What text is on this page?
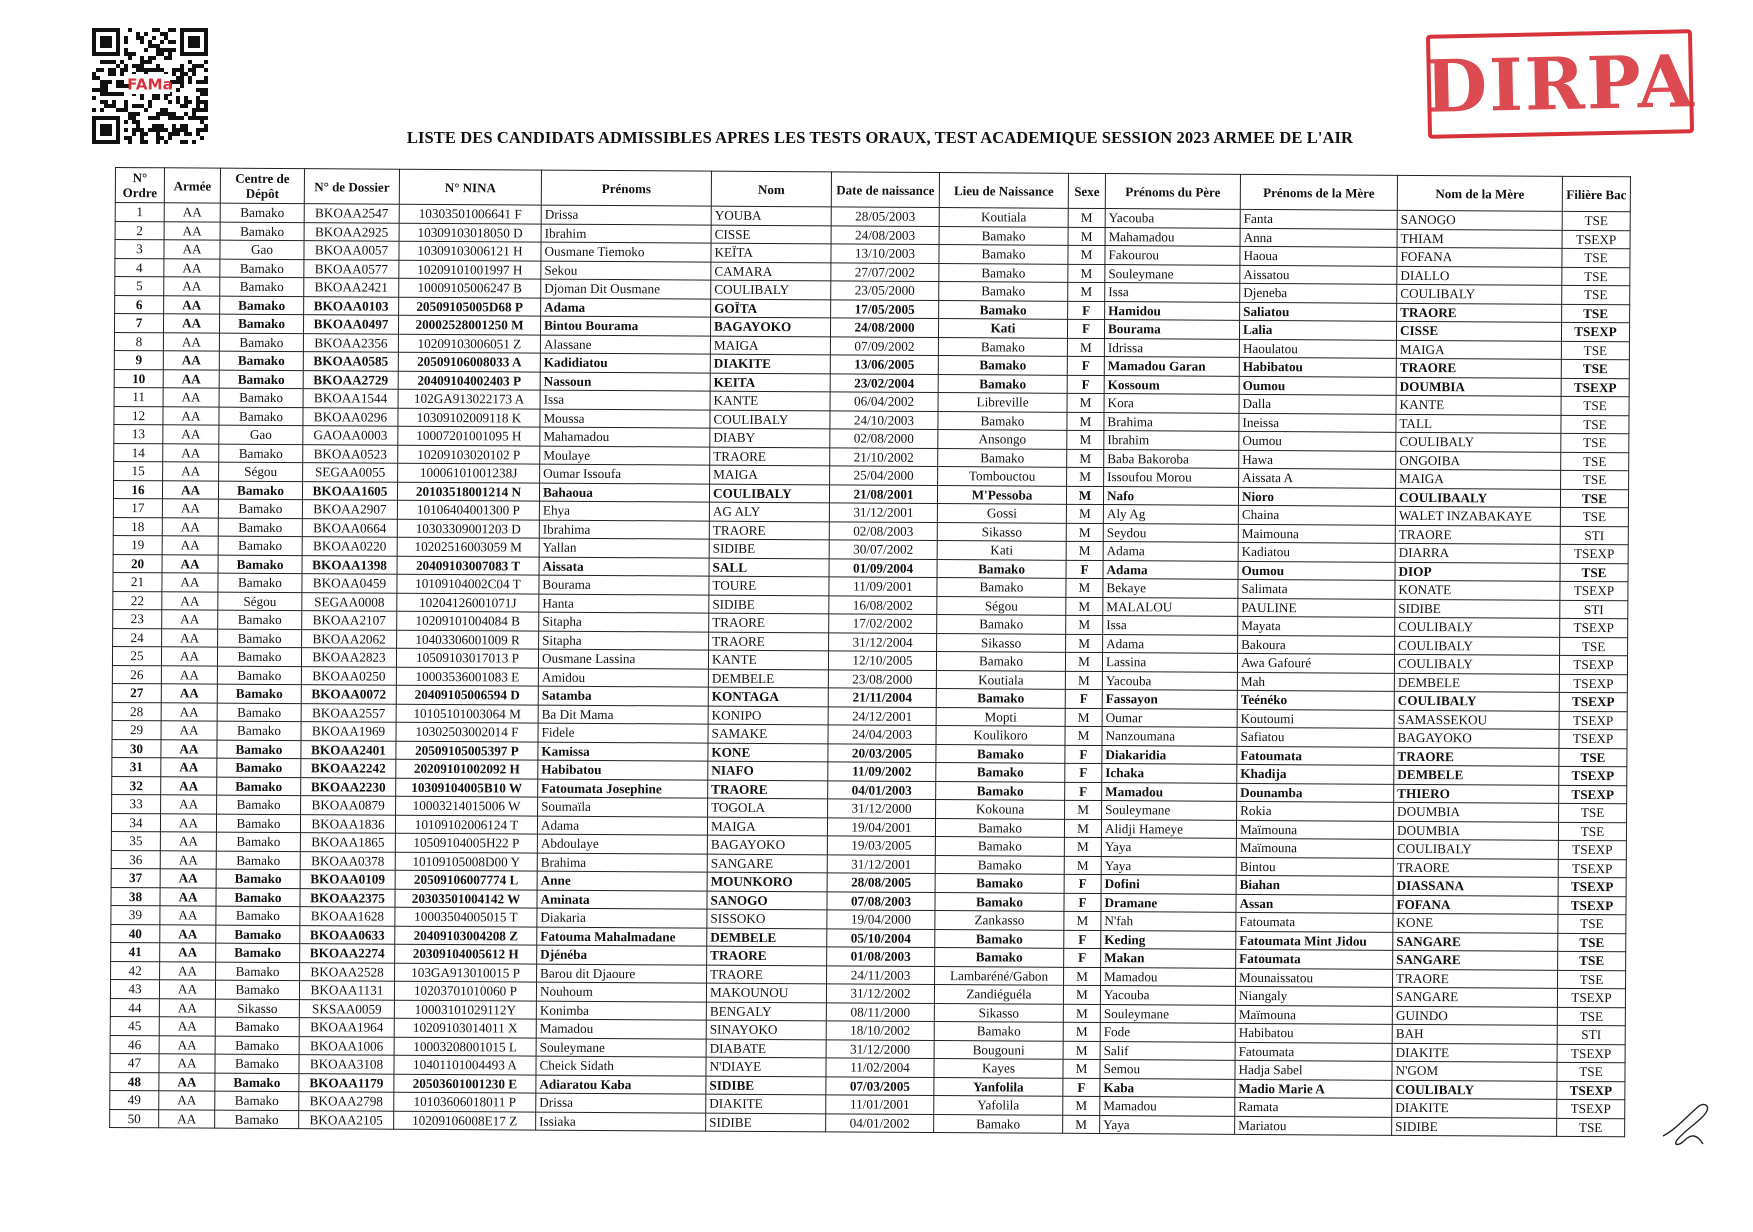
FAMa	DIRPA
LISTE DES CANDIDATS ADMISSIBLES APRES LES TESTS ORAUX, TEST ACADEMIQUE SESSION 2023 ARMEE DE L'AIR
N° Ordre	Armée	Centre de Dépôt	N° de Dossier	N° NINA	Prénoms	Nom	Date de naissance	Lieu de Naissance	Sexe	Prénoms du Père	Prénoms de la Mère	Nom de la Mère	Filière Bac
1	AA	Bamako	BKOAA2547	10303501006641 F	Drissa	YOUBA	28/05/2003	Koutiala	M	Yacouba	Fanta	SANOGO	TSE
2	AA	Bamako	BKOAA2925	10309103018050 D	Ibrahim	CISSE	24/08/2003	Bamako	M	Mahamadou	Anna	THIAM	TSEXP
3	AA	Gao	BKOAA0057	10309103006121 H	Ousmane Tiemoko	KEÏTA	13/10/2003	Bamako	M	Fakourou	Haoua	FOFANA	TSE
4	AA	Bamako	BKOAA0577	10209101001997 H	Sekou	CAMARA	27/07/2002	Bamako	M	Souleymane	Aissatou	DIALLO	TSE
5	AA	Bamako	BKOAA2421	10009105006247 B	Djoman Dit Ousmane	COULIBALY	23/05/2000	Bamako	M	Issa	Djeneba	COULIBALY	TSE
6	AA	Bamako	BKOAA0103	20509105005D68 P	Adama	GOÏTA	17/05/2005	Bamako	F	Hamidou	Saliatou	TRAORE	TSE
7	AA	Bamako	BKOAA0497	20002528001250 M	Bintou Bourama	BAGAYOKO	24/08/2000	Kati	F	Bourama	Lalia	CISSE	TSEXP
8	AA	Bamako	BKOAA2356	10209103006051 Z	Alassane	MAIGA	07/09/2002	Bamako	M	Idrissa	Haoulatou	MAIGA	TSE
9	AA	Bamako	BKOAA0585	20509106008033 A	Kadidiatou	DIAKITE	13/06/2005	Bamako	F	Mamadou Garan	Habibatou	TRAORE	TSE
10	AA	Bamako	BKOAA2729	20409104002403 P	Nassoun	KEITA	23/02/2004	Bamako	F	Kossoum	Oumou	DOUMBIA	TSEXP
11	AA	Bamako	BKOAA1544	102GA913022173 A	Issa	KANTE	06/04/2002	Libreville	M	Kora	Dalla	KANTE	TSE
12	AA	Bamako	BKOAA0296	10309102009118 K	Moussa	COULIBALY	24/10/2003	Bamako	M	Brahima	Ineissa	TALL	TSE
13	AA	Gao	GAOAA0003	10007201001095 H	Mahamadou	DIABY	02/08/2000	Ansongo	M	Ibrahim	Oumou	COULIBALY	TSE
14	AA	Bamako	BKOAA0523	10209103020102 P	Moulaye	TRAORE	21/10/2002	Bamako	M	Baba Bakoroba	Hawa	ONGOIBA	TSE
15	AA	Ségou	SEGAA0055	10006101001238J	Oumar Issoufa	MAIGA	25/04/2000	Tombouctou	M	Issoufou Morou	Aissata A	MAIGA	TSE
16	AA	Bamako	BKOAA1605	20103518001214 N	Bahaoua	COULIBALY	21/08/2001	M'Pessoba	M	Nafo	Nioro	COULIBAALY	TSE
17	AA	Bamako	BKOAA2907	10106404001300 P	Ehya	AG ALY	31/12/2001	Gossi	M	Aly Ag	Chaina	WALET INZABAKAYE	TSE
18	AA	Bamako	BKOAA0664	10303309001203 D	Ibrahima	TRAORE	02/08/2003	Sikasso	M	Seydou	Maimouna	TRAORE	STI
19	AA	Bamako	BKOAA0220	10202516003059 M	Yallan	SIDIBE	30/07/2002	Kati	M	Adama	Kadiatou	DIARRA	TSEXP
20	AA	Bamako	BKOAA1398	20409103007083 T	Aissata	SALL	01/09/2004	Bamako	F	Adama	Oumou	DIOP	TSE
21	AA	Bamako	BKOAA0459	10109104002C04 T	Bourama	TOURE	11/09/2001	Bamako	M	Bekaye	Salimata	KONATE	TSEXP
22	AA	Ségou	SEGAA0008	10204126001071J	Hanta	SIDIBE	16/08/2002	Ségou	M	MALALOU	PAULINE	SIDIBE	STI
23	AA	Bamako	BKOAA2107	10209101004084 B	Sitapha	TRAORE	17/02/2002	Bamako	M	Issa	Mayata	COULIBALY	TSEXP
24	AA	Bamako	BKOAA2062	10403306001009 R	Sitapha	TRAORE	31/12/2004	Sikasso	M	Adama	Bakoura	COULIBALY	TSE
25	AA	Bamako	BKOAA2823	10509103017013 P	Ousmane Lassina	KANTE	12/10/2005	Bamako	M	Lassina	Awa Gafouré	COULIBALY	TSEXP
26	AA	Bamako	BKOAA0250	10003536001083 E	Amidou	DEMBELE	23/08/2000	Koutiala	M	Yacouba	Mah	DEMBELE	TSEXP
27	AA	Bamako	BKOAA0072	20409105006594 D	Satamba	KONTAGA	21/11/2004	Bamako	F	Fassayon	Teénéko	COULIBALY	TSEXP
28	AA	Bamako	BKOAA2557	10105101003064 M	Ba Dit Mama	KONIPO	24/12/2001	Mopti	M	Oumar	Koutoumi	SAMASSEKOU	TSEXP
29	AA	Bamako	BKOAA1969	10302503002014 F	Fidele	SAMAKE	24/04/2003	Koulikoro	M	Nanzoumana	Safiatou	BAGAYOKO	TSEXP
30	AA	Bamako	BKOAA2401	20509105005397 P	Kamissa	KONE	20/03/2005	Bamako	F	Diakaridia	Fatoumata	TRAORE	TSE
31	AA	Bamako	BKOAA2242	20209101002092 H	Habibatou	NIAFO	11/09/2002	Bamako	F	Ichaka	Khadija	DEMBELE	TSEXP
32	AA	Bamako	BKOAA2230	10309104005B10 W	Fatoumata Josephine	TRAORE	04/01/2003	Bamako	F	Mamadou	Dounamba	THIERO	TSEXP
33	AA	Bamako	BKOAA0879	10003214015006 W	Soumaïla	TOGOLA	31/12/2000	Kokouna	M	Souleymane	Rokia	DOUMBIA	TSE
34	AA	Bamako	BKOAA1836	10109102006124 T	Adama	MAIGA	19/04/2001	Bamako	M	Alidji Hameye	Maïmouna	DOUMBIA	TSE
35	AA	Bamako	BKOAA1865	10509104005H22 P	Abdoulaye	BAGAYOKO	19/03/2005	Bamako	M	Yaya	Maïmouna	COULIBALY	TSEXP
36	AA	Bamako	BKOAA0378	10109105008D00 Y	Brahima	SANGARE	31/12/2001	Bamako	M	Yaya	Bintou	TRAORE	TSEXP
37	AA	Bamako	BKOAA0109	20509106007774 L	Anne	MOUNKORO	28/08/2005	Bamako	F	Dofini	Biahan	DIASSANA	TSEXP
38	AA	Bamako	BKOAA2375	20303501004142 W	Aminata	SANOGO	07/08/2003	Bamako	F	Dramane	Assan	FOFANA	TSEXP
39	AA	Bamako	BKOAA1628	10003504005015 T	Diakaria	SISSOKO	19/04/2000	Zankasso	M	N'fah	Fatoumata	KONE	TSE
40	AA	Bamako	BKOAA0633	20409103004208 Z	Fatouma Mahalmadane	DEMBELE	05/10/2004	Bamako	F	Keding	Fatoumata Mint Jidou	SANGARE	TSE
41	AA	Bamako	BKOAA2274	20309104005612 H	Djénéba	TRAORE	01/08/2003	Bamako	F	Makan	Fatoumata	SANGARE	TSE
42	AA	Bamako	BKOAA2528	103GA913010015 P	Barou dit Djaoure	TRAORE	24/11/2003	Lambaréné/Gabon	M	Mamadou	Mounaissatou	TRAORE	TSE
43	AA	Bamako	BKOAA1131	10203701010060 P	Nouhoum	MAKOUNOU	31/12/2002	Zandiéguéla	M	Yacouba	Niangaly	SANGARE	TSEXP
44	AA	Sikasso	SKSAA0059	10003101029112Y	Konimba	BENGALY	08/11/2000	Sikasso	M	Souleymane	Maïmouna	GUINDO	TSE
45	AA	Bamako	BKOAA1964	10209103014011 X	Mamadou	SINAYOKO	18/10/2002	Bamako	M	Fode	Habibatou	BAH	STI
46	AA	Bamako	BKOAA1006	10003208001015 L	Souleymane	DIABATE	31/12/2000	Bougouni	M	Salif	Fatoumata	DIAKITE	TSEXP
47	AA	Bamako	BKOAA3108	10401101004493 A	Cheick Sidath	N'DIAYE	11/02/2004	Kayes	M	Semou	Hadja Sabel	N'GOM	TSE
48	AA	Bamako	BKOAA1179	20503601001230 E	Adiaratou Kaba	SIDIBE	07/03/2005	Yanfolila	F	Kaba	Madio Marie A	COULIBALY	TSEXP
49	AA	Bamako	BKOAA2798	10103606018011 P	Drissa	DIAKITE	11/01/2001	Yafolila	M	Mamadou	Ramata	DIAKITE	TSEXP
50	AA	Bamako	BKOAA2105	10209106008E17 Z	Issiaka	SIDIBE	04/01/2002	Bamako	M	Yaya	Mariatou	SIDIBE	TSE
